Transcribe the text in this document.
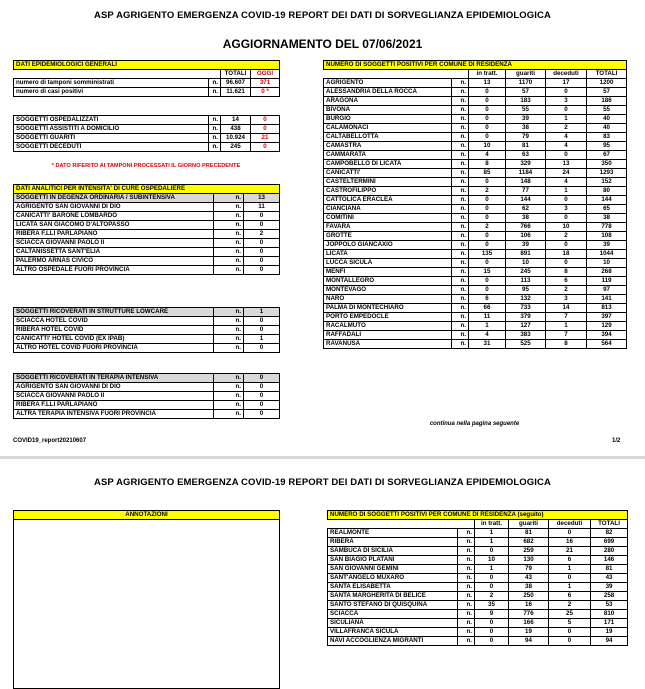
ASP AGRIGENTO EMERGENZA COVID-19 REPORT DEI DATI DI SORVEGLIANZA EPIDEMIOLOGICA
AGGIORNAMENTO DEL 07/06/2021
DATI EPIDEMIOLOGICI GENERALI			
		TOTALI	OGGI
numero di tamponi somministrati	n.	96.607	371
numero di casi positivi	n.	11.621	0 *
SOGGETTI OSPEDALIZZATI	n.	14	0
SOGGETTI ASSISTITI A DOMICILIO	n.	438	0
SOGGETTI GUARITI	n.	10.924	21
SOGGETTI DECEDUTI	n.	245	0
* DATO RIFERITO AI TAMPONI PROCESSATI IL GIORNO PRECEDENTE
DATI ANALITICI PER INTENSITA' DI CURE OSPEDALIERE		
SOGGETTI IN DEGENZA ORDINARIA / SUBINTENSIVA	n.	13
AGRIGENTO SAN GIOVANNI DI DIO	n.	11
CANICATTI' BARONE LOMBARDO	n.	0
LICATA SAN GIACOMO D'ALTOPASSO	n.	0
RIBERA F.LLI PARLAPIANO	n.	2
SCIACCA GIOVANNI PAOLO II	n.	0
CALTANISSETTA SANT'ELIA	n.	0
PALERMO ARNAS CIVICO	n.	0
ALTRO OSPEDALE FUORI PROVINCIA	n.	0
SOGGETTI RICOVERATI IN STRUTTURE LOWCARE	n.	1
SCIACCA HOTEL COVID	n.	0
RIBERA HOTEL COVID	n.	0
CANICATTI' HOTEL COVID (EX IPAB)	n.	1
ALTRO HOTEL COVID FUORI PROVINCIA	n.	0
SOGGETTI RICOVERATI IN TERAPIA INTENSIVA	n.	0
AGRIGENTO SAN GIOVANNI DI DIO	n.	0
SCIACCA GIOVANNI PAOLO II	n.	0
RIBERA F.LLI PARLAPIANO	n.	0
ALTRA TERAPIA INTENSIVA FUORI PROVINCIA	n.	0
NUMERO DI SOGGETTI POSITIVI PER COMUNE DI RESIDENZA					
		in tratt.	guariti	deceduti	TOTALI
AGRIGENTO	n.	13	1170	17	1200
ALESSANDRIA DELLA ROCCA	n.	0	57	0	57
ARAGONA	n.	0	183	3	186
BIVONA	n.	0	55	0	55
BURGIO	n.	0	39	1	40
CALAMONACI	n.	0	38	2	40
CALTABELLOTTA	n.	0	79	4	83
CAMASTRA	n.	10	81	4	95
CAMMARATA	n.	4	63	0	67
CAMPOBELLO DI LICATA	n.	8	329	13	350
CANICATTI'	n.	85	1184	24	1293
CASTELTERMINI	n.	0	148	4	152
CASTROFILIPPO	n.	2	77	1	80
CATTOLICA ERACLEA	n.	0	144	0	144
CIANCIANA	n.	0	62	3	65
COMITINI	n.	0	38	0	38
FAVARA	n.	2	766	10	778
GROTTE	n.	0	106	2	108
JOPPOLO GIANCAXIO	n.	0	39	0	39
LICATA	n.	135	891	18	1044
LUCCA SICULA	n.	0	10	0	10
MENFI	n.	15	245	8	268
MONTALLEGRO	n.	0	113	6	119
MONTEVAGO	n.	0	95	2	97
NARO	n.	6	132	3	141
PALMA DI MONTECHIARO	n.	66	733	14	813
PORTO EMPEDOCLE	n.	11	379	7	397
RACALMUTO	n.	1	127	1	129
RAFFADALI	n.	4	383	7	394
RAVANUSA	n.	31	525	8	564
continua nella pagina seguente
COVID19_report20210607	1/2
ASP AGRIGENTO EMERGENZA COVID-19 REPORT DEI DATI DI SORVEGLIANZA EPIDEMIOLOGICA
ANNOTAZIONI	NUMERO DI SOGGETTI POSITIVI PER COMUNE DI RESIDENZA (seguito)					
		in tratt.	guariti	deceduti	TOTALI
REALMONTE	n.	1	81	0	82
RIBERA	n.	1	682	16	699
SAMBUCA DI SICILIA	n.	0	259	21	280
SAN BIAGIO PLATANI	n.	10	130	6	146
SAN GIOVANNI GEMINI	n.	1	79	1	81
SANT'ANGELO MUXARO	n.	0	43	0	43
SANTA ELISABETTA	n.	0	38	1	39
SANTA MARGHERITA DI BELICE	n.	2	250	6	258
SANTO STEFANO DI QUISQUINA	n.	35	16	2	53
SCIACCA	n.	9	776	25	810
SICULIANA	n.	0	166	5	171
VILLAFRANCA SICULA	n.	0	19	0	19
NAVI ACCOGLIENZA MIGRANTI	n.	0	94	0	94
